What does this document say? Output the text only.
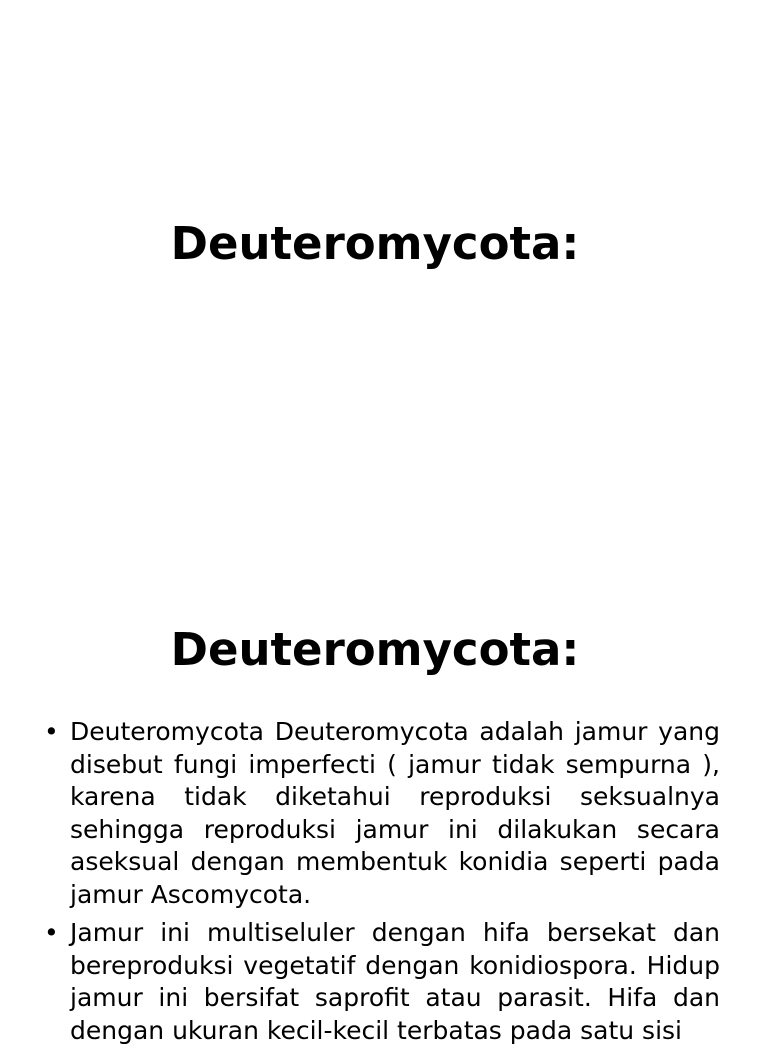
Deuteromycota:
Deuteromycota:
• Deuteromycota Deuteromycota adalah jamur yang disebut fungi imperfecti ( jamur tidak sempurna ), karena tidak diketahui reproduksi seksualnya sehingga reproduksi jamur ini dilakukan secara aseksual dengan membentuk konidia seperti pada jamur Ascomycota.
• Jamur ini multiseluler dengan hifa bersekat dan bereproduksi vegetatif dengan konidiospora. Hidup jamur ini bersifat saprofit atau parasit. Hifa dan dengan ukuran kecil-kecil terbatas pada satu sisi
